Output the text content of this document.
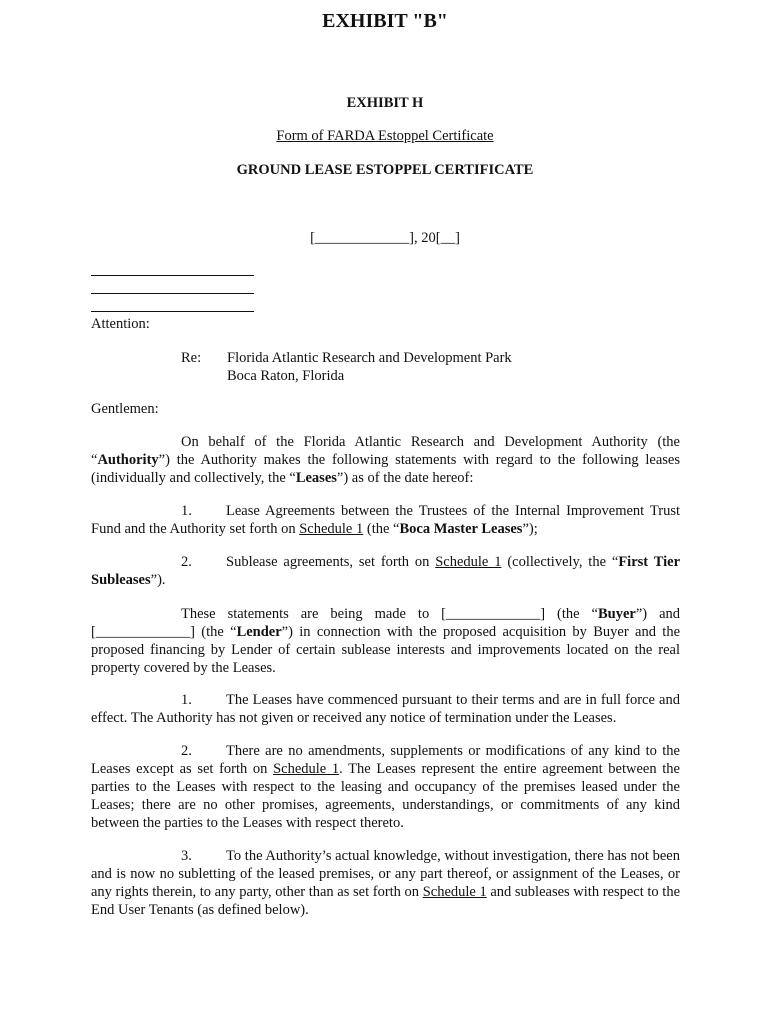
EXHIBIT "B"
EXHIBIT H
Form of FARDA Estoppel Certificate
GROUND LEASE ESTOPPEL CERTIFICATE
[_____________], 20[__]
Attention:
Re: Florida Atlantic Research and Development Park
Boca Raton, Florida
Gentlemen:
On behalf of the Florida Atlantic Research and Development Authority (the “Authority”) the Authority makes the following statements with regard to the following leases (individually and collectively, the “Leases”) as of the date hereof:
1. Lease Agreements between the Trustees of the Internal Improvement Trust Fund and the Authority set forth on Schedule 1 (the “Boca Master Leases”);
2. Sublease agreements, set forth on Schedule 1 (collectively, the “First Tier Subleases”).
These statements are being made to [_____________] (the “Buyer”) and [_____________] (the “Lender”) in connection with the proposed acquisition by Buyer and the proposed financing by Lender of certain sublease interests and improvements located on the real property covered by the Leases.
1. The Leases have commenced pursuant to their terms and are in full force and effect. The Authority has not given or received any notice of termination under the Leases.
2. There are no amendments, supplements or modifications of any kind to the Leases except as set forth on Schedule 1. The Leases represent the entire agreement between the parties to the Leases with respect to the leasing and occupancy of the premises leased under the Leases; there are no other promises, agreements, understandings, or commitments of any kind between the parties to the Leases with respect thereto.
3. To the Authority’s actual knowledge, without investigation, there has not been and is now no subletting of the leased premises, or any part thereof, or assignment of the Leases, or any rights therein, to any party, other than as set forth on Schedule 1 and subleases with respect to the End User Tenants (as defined below).
